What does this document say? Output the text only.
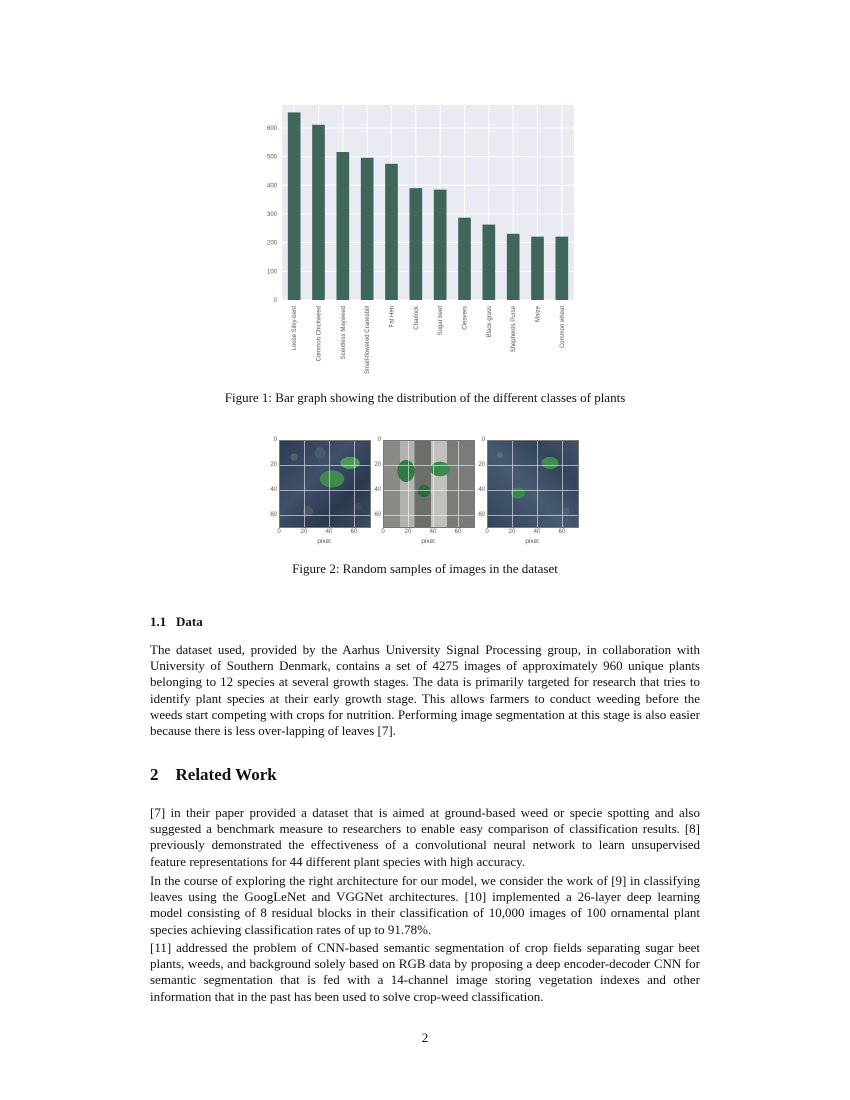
0
100
200
300
400
500
600
Loose Silky-bent	Common Chickweed	Scentless Mayweed	Small-flowered Cranesbill	Fat Hen	Charlock	Sugar beet	Cleavers	Black-grass	Shepherds Purse	Maize	Common wheat
Figure 1: Bar graph showing the distribution of the different classes of plants
0
20
40
60
0	20	40	60
pixel
0
20
40
60
0	20	40	60
pixel
0
20
40
60
0	20	40	60
pixel
Figure 2: Random samples of images in the dataset
1.1   Data

The dataset used, provided by the Aarhus University Signal Processing group, in collaboration with University of Southern Denmark, contains a set of 4275 images of approximately 960 unique plants belonging to 12 species at several growth stages. The data is primarily targeted for research that tries to identify plant species at their early growth stage. This allows farmers to conduct weeding before the weeds start competing with crops for nutrition. Performing image segmentation at this stage is also easier because there is less over-lapping of leaves [7].

2    Related Work

[7] in their paper provided a dataset that is aimed at ground-based weed or specie spotting and also suggested a benchmark measure to researchers to enable easy comparison of classification results. [8] previously demonstrated the effectiveness of a convolutional neural network to learn unsupervised feature representations for 44 different plant species with high accuracy.

In the course of exploring the right architecture for our model, we consider the work of [9] in classifying leaves using the GoogLeNet and VGGNet architectures. [10] implemented a 26-layer deep learning model consisting of 8 residual blocks in their classification of 10,000 images of 100 ornamental plant species achieving classification rates of up to 91.78%.

[11] addressed the problem of CNN-based semantic segmentation of crop fields separating sugar beet plants, weeds, and background solely based on RGB data by proposing a deep encoder-decoder CNN for semantic segmentation that is fed with a 14-channel image storing vegetation indexes and other information that in the past has been used to solve crop-weed classification.

2
